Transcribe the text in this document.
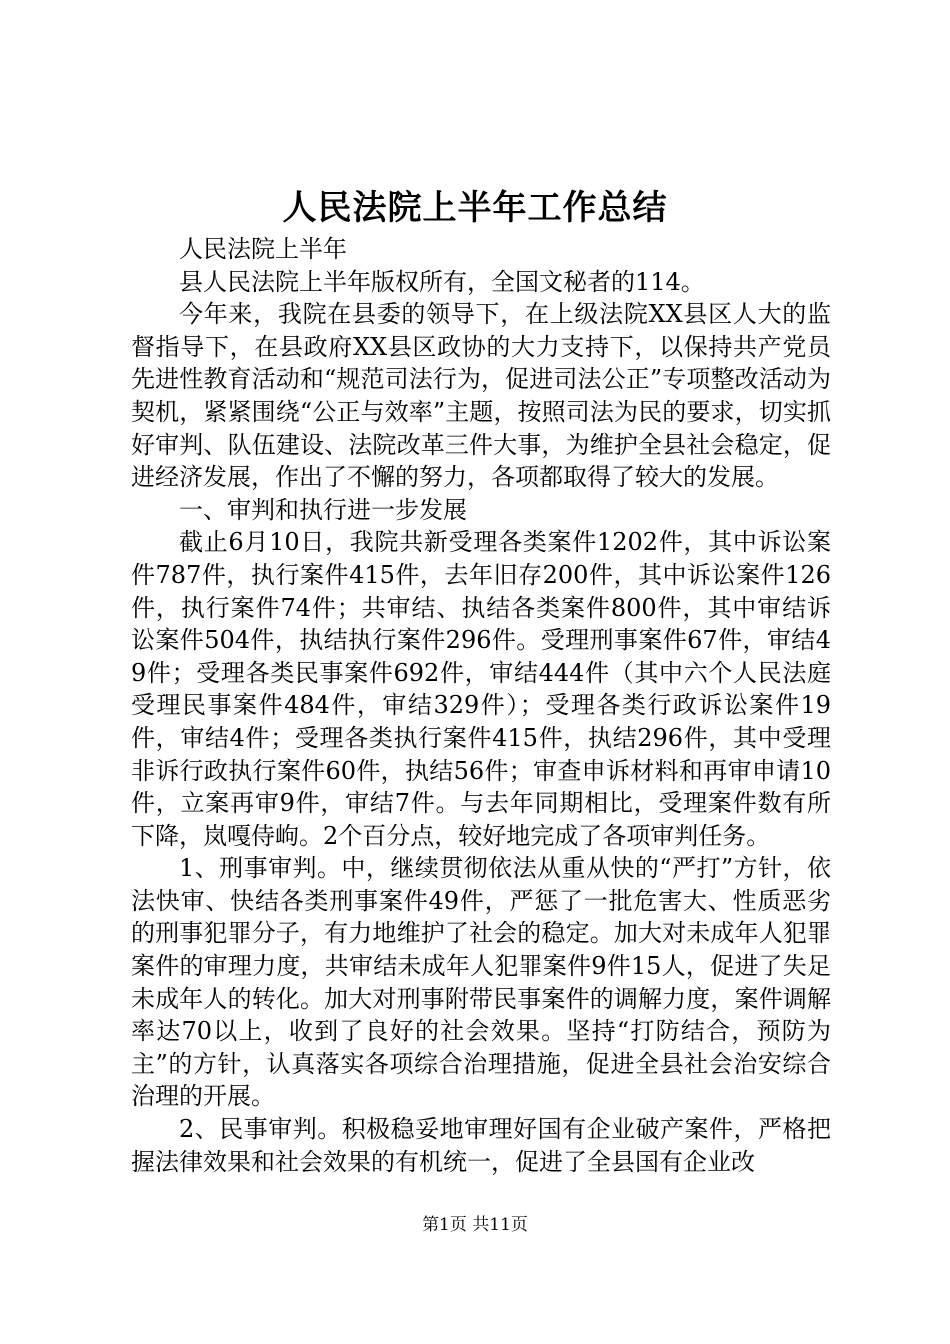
人民法院上半年工作总结

人民法院上半年

县人民法院上半年版权所有，全国文秘者的114。

今年来，我院在县委的领导下，在上级法院XX县区人大的监督指导下，在县政府XX县区政协的大力支持下，以保持共产党员先进性教育活动和“规范司法行为，促进司法公正”专项整改活动为契机，紧紧围绕“公正与效率”主题，按照司法为民的要求，切实抓好审判、队伍建设、法院改革三件大事，为维护全县社会稳定，促进经济发展，作出了不懈的努力，各项都取得了较大的发展。

一、审判和执行进一步发展

截止6月10日，我院共新受理各类案件1202件，其中诉讼案件787件，执行案件415件，去年旧存200件，其中诉讼案件126件，执行案件74件；共审结、执结各类案件800件，其中审结诉讼案件504件，执结执行案件296件。受理刑事案件67件，审结49件；受理各类民事案件692件，审结444件（其中六个人民法庭受理民事案件484件，审结329件）；受理各类行政诉讼案件19件，审结4件；受理各类执行案件415件，执结296件，其中受理非诉行政执行案件60件，执结56件；审查申诉材料和再审申请10件，立案再审9件，审结7件。与去年同期相比，受理案件数有所下降，岚嘎侍岣。2个百分点，较好地完成了各项审判任务。

1、刑事审判。中，继续贯彻依法从重从快的“严打”方针，依法快审、快结各类刑事案件49件，严惩了一批危害大、性质恶劣的刑事犯罪分子，有力地维护了社会的稳定。加大对未成年人犯罪案件的审理力度，共审结未成年人犯罪案件9件15人，促进了失足未成年人的转化。加大对刑事附带民事案件的调解力度，案件调解率达70以上，收到了良好的社会效果。坚持“打防结合，预防为主”的方针，认真落实各项综合治理措施，促进全县社会治安综合治理的开展。

2、民事审判。积极稳妥地审理好国有企业破产案件，严格把握法律效果和社会效果的有机统一，促进了全县国有企业改

第1页 共11页
